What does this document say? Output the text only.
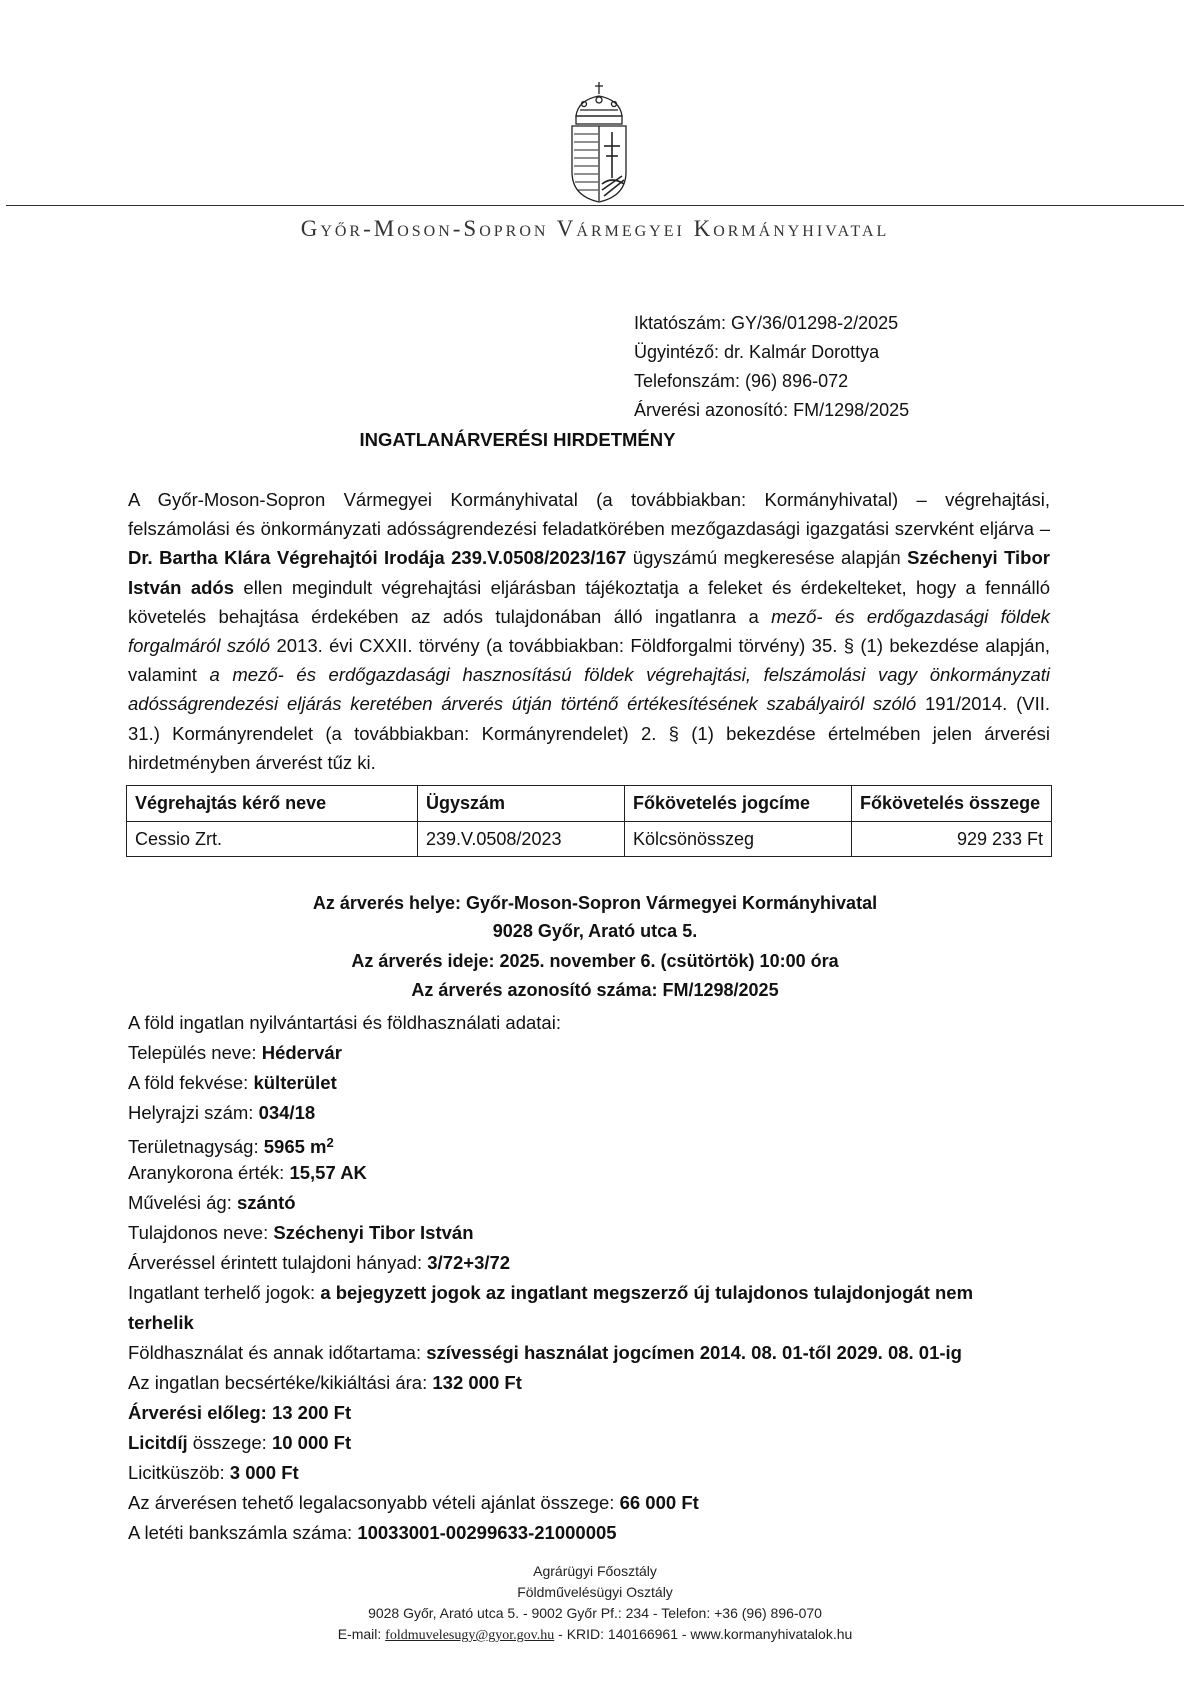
Győr-Moson-Sopron Vármegyei Kormányhivatal
Iktatószám: GY/36/01298-2/2025
Ügyintéző: dr. Kalmár Dorottya
Telefonszám: (96) 896-072
Árverési azonosító: FM/1298/2025
INGATLANÁRVERÉSI HIRDETMÉNY
A Győr-Moson-Sopron Vármegyei Kormányhivatal (a továbbiakban: Kormányhivatal) – végrehajtási, felszámolási és önkormányzati adósságrendezési feladatkörében mezőgazdasági igazgatási szervként eljárva – Dr. Bartha Klára Végrehajtói Irodája 239.V.0508/2023/167 ügyszámú megkeresése alapján Széchenyi Tibor István adós ellen megindult végrehajtási eljárásban tájékoztatja a feleket és érdekelteket, hogy a fennálló követelés behajtása érdekében az adós tulajdonában álló ingatlanra a mező- és erdőgazdasági földek forgalmáról szóló 2013. évi CXXII. törvény (a továbbiakban: Földforgalmi törvény) 35. § (1) bekezdése alapján, valamint a mező- és erdőgazdasági hasznosítású földek végrehajtási, felszámolási vagy önkormányzati adósságrendezési eljárás keretében árverés útján történő értékesítésének szabályairól szóló 191/2014. (VII. 31.) Kormányrendelet (a továbbiakban: Kormányrendelet) 2. § (1) bekezdése értelmében jelen árverési hirdetményben árverést tűz ki.
Végrehajtás kérő neve	Ügyszám	Főkövetelés jogcíme	Főkövetelés összege
Cessio Zrt.	239.V.0508/2023	Kölcsönösszeg	929 233 Ft
Az árverés helye: Győr-Moson-Sopron Vármegyei Kormányhivatal
9028 Győr, Arató utca 5.
Az árverés ideje: 2025. november 6. (csütörtök) 10:00 óra
Az árverés azonosító száma: FM/1298/2025
A föld ingatlan nyilvántartási és földhasználati adatai:
Település neve: Hédervár
A föld fekvése: külterület
Helyrajzi szám: 034/18
Területnagyság: 5965 $m^2$
Aranykorona érték: 15,57 AK
Művelési ág: szántó
Tulajdonos neve: Széchenyi Tibor István
Árveréssel érintett tulajdoni hányad: 3/72+3/72
Ingatlant terhelő jogok: a bejegyzett jogok az ingatlant megszerző új tulajdonos tulajdonjogát nem terhelik
Földhasználat és annak időtartama: szívességi használat jogcímen 2014. 08. 01-től 2029. 08. 01-ig
Az ingatlan becsértéke/kikiáltási ára: 132 000 Ft
Árverési előleg: 13 200 Ft
Licitdíj összege: 10 000 Ft
Licitküszöb: 3 000 Ft
Az árverésen tehető legalacsonyabb vételi ajánlat összege: 66 000 Ft
A letéti bankszámla száma: 10033001-00299633-21000005
Agrárügyi Főosztály
Földművelésügyi Osztály
9028 Győr, Arató utca 5. - 9002 Győr Pf.: 234 - Telefon: +36 (96) 896-070
E-mail: foldmuvelesugy@gyor.gov.hu - KRID: 140166961 - www.kormanyhivatalok.hu
